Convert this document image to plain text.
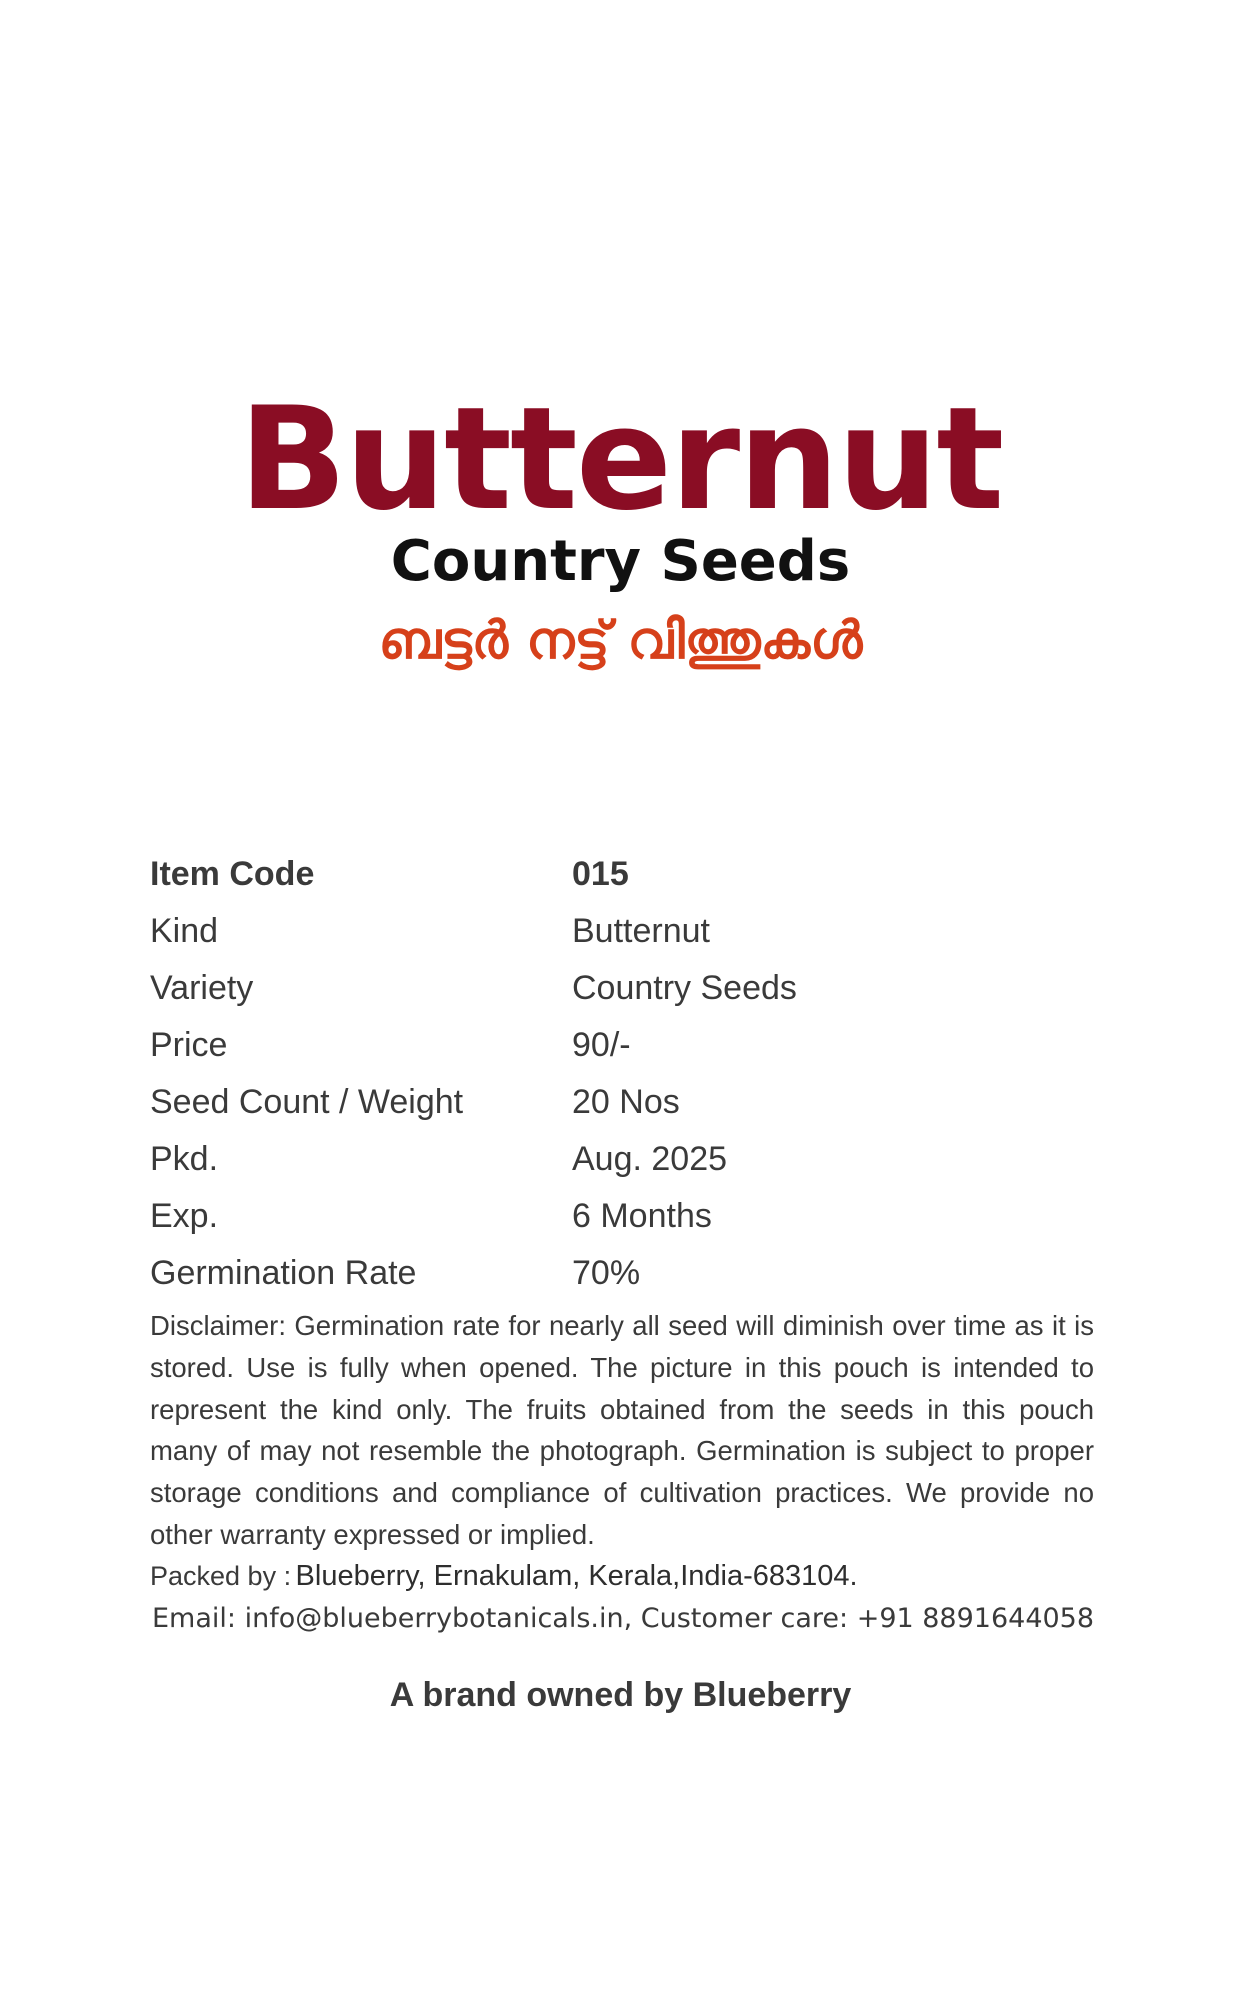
Butternut
Country Seeds
ബട്ടർ നട്ട് വിത്തുകൾ
Item Code	015
Kind	Butternut
Variety	Country Seeds
Price	90/-
Seed Count / Weight	20 Nos
Pkd.	Aug. 2025
Exp.	6 Months
Germination Rate	70%

Disclaimer: Germination rate for nearly all seed will diminish over time as it is stored. Use is fully when opened. The picture in this pouch is intended to represent the kind only. The fruits obtained from the seeds in this pouch many of may not resemble the photograph. Germination is subject to proper storage conditions and compliance of cultivation practices. We provide no other warranty expressed or implied.

Packed by : Blueberry, Ernakulam, Kerala,India-683104.
Email: info@blueberrybotanicals.in, Customer care: +91 8891644058
A brand owned by Blueberry
